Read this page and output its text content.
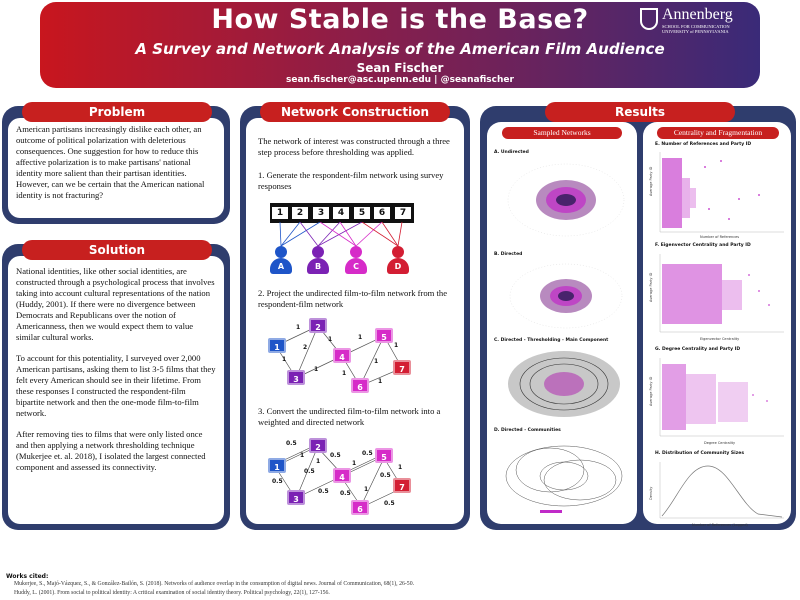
How Stable is the Base?
A Survey and Network Analysis of the American Film Audience
Sean Fischer
sean.fischer@asc.upenn.edu | @seanafischer
Annenberg
SCHOOL FOR COMMUNICATION
UNIVERSITY of PENNSYLVANIA
Problem
American partisans increasingly dislike each other, an outcome of political polarization with deleterious consequences. One suggestion for how to reduce this affective polarization is to make partisans' national identity more salient than their partisan identities. However, can we be certain that the American national identity is not fracturing?
Solution

National identities, like other social identities, are constructed through a psychological process that involves taking into account cultural representations of the nation (Huddy, 2001). If there were no divergence between Democrats and Republicans over the notion of Americanness, then we would expect them to value similar cultural works.

To account for this potentiality, I surveyed over 2,000 American partisans, asking them to list 3-5 films that they felt every American should see in their lifetime. From these responses I constructed the respondent-film bipartite network and then the one-mode film-to-film network.

After removing ties to films that were only listed once and then applying a network thresholding technique (Mukerjee et. al. 2018), I isolated the largest connected component and assessed its connectivity.

Network Construction
The network of interest was constructed through a three step process before thresholding was applied.
1. Generate the respondent-film network using survey responses
1	2	3	4	5	6	7
A	B	C	D
2. Project the undirected film-to-film network from the respondent-film network
1
2
3
4
5
6
7
1
1
2
1
1
1
1
1
1
1
3. Convert the undirected film-to-film network into a weighted and directed network
1
2
3
4
5
6
7
0.5
1
0.5
0.5
1
0.5
0.5
1
0.5
0.5
1
0.5
1
0.5
Results
Sampled Networks
A. Undirected
B. Directed
C. Directed - Thresholding - Main Component
D. Directed - Communities
Centrality and Fragmentation
E. Number of References and Party ID
Average Party ID
Number of References
F. Eigenvector Centrality and Party ID
Average Party ID
Eigenvector Centrality
G. Degree Centrality and Party ID
Average Party ID
Degree Centrality
H. Distribution of Community Sizes
Density
Number of References (Logged)
Works cited:
Mukerjee, S., Majó-Vázquez, S., & González-Bailón, S. (2018). Networks of audience overlap in the consumption of digital news. Journal of Communication, 68(1), 26-50.
Huddy, L. (2001). From social to political identity: A critical examination of social identity theory. Political psychology, 22(1), 127-156.
